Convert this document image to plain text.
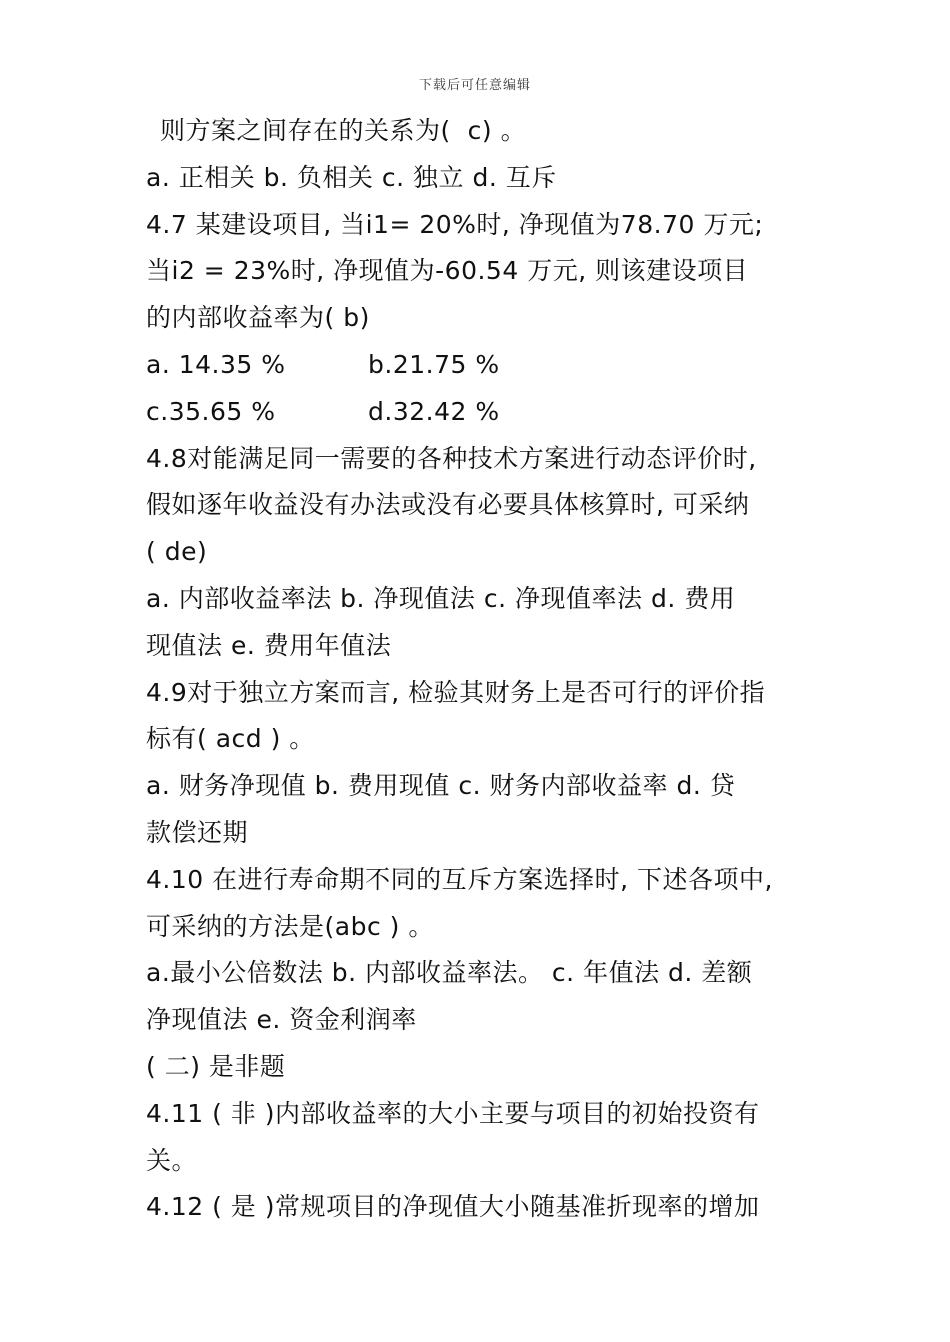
下载后可任意编辑
则方案之间存在的关系为(  c) 。
a. 正相关 b. 负相关 c. 独立 d. 互斥
4.7 某建设项目, 当i1= 20%时, 净现值为78.70 万元;
当i2 = 23%时, 净现值为-60.54 万元, 则该建设项目
的内部收益率为( b)
a. 14.35 %	b.21.75 %
c.35.65 %	d.32.42 %
4.8对能满足同一需要的各种技术方案进行动态评价时,
假如逐年收益没有办法或没有必要具体核算时, 可采纳
( de)
a. 内部收益率法 b. 净现值法 c. 净现值率法 d. 费用
现值法 e. 费用年值法
4.9对于独立方案而言, 检验其财务上是否可行的评价指
标有( acd ) 。
a. 财务净现值 b. 费用现值 c. 财务内部收益率 d. 贷
款偿还期
4.10 在进行寿命期不同的互斥方案选择时, 下述各项中,
可采纳的方法是(abc ) 。
a.最小公倍数法 b. 内部收益率法。 c. 年值法 d. 差额
净现值法 e. 资金利润率
( 二) 是非题
4.11 ( 非 )内部收益率的大小主要与项目的初始投资有
关。
4.12 ( 是 )常规项目的净现值大小随基准折现率的增加
